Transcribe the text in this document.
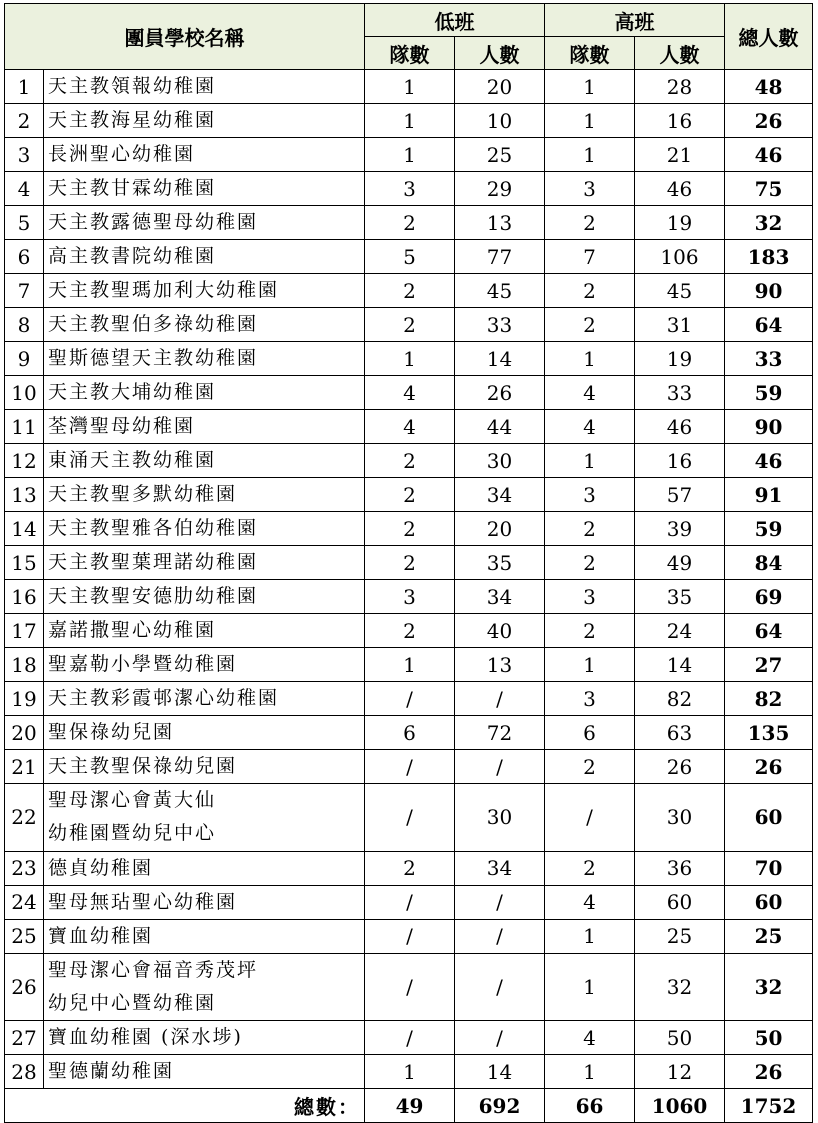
團員學校名稱		低班		高班		總人數
		隊數	人數	隊數	人數	
1	天主教領報幼稚園	1	20	1	28	48
2	天主教海星幼稚園	1	10	1	16	26
3	長洲聖心幼稚園	1	25	1	21	46
4	天主教甘霖幼稚園	3	29	3	46	75
5	天主教露德聖母幼稚園	2	13	2	19	32
6	高主教書院幼稚園	5	77	7	106	183
7	天主教聖瑪加利大幼稚園	2	45	2	45	90
8	天主教聖伯多祿幼稚園	2	33	2	31	64
9	聖斯德望天主教幼稚園	1	14	1	19	33
10	天主教大埔幼稚園	4	26	4	33	59
11	荃灣聖母幼稚園	4	44	4	46	90
12	東涌天主教幼稚園	2	30	1	16	46
13	天主教聖多默幼稚園	2	34	3	57	91
14	天主教聖雅各伯幼稚園	2	20	2	39	59
15	天主教聖葉理諾幼稚園	2	35	2	49	84
16	天主教聖安德肋幼稚園	3	34	3	35	69
17	嘉諾撒聖心幼稚園	2	40	2	24	64
18	聖嘉勒小學暨幼稚園	1	13	1	14	27
19	天主教彩霞邨潔心幼稚園	/	/	3	82	82
20	聖保祿幼兒園	6	72	6	63	135
21	天主教聖保祿幼兒園	/	/	2	26	26
22	聖母潔心會黃大仙
幼稚園暨幼兒中心	/	30	/	30	60
23	德貞幼稚園	2	34	2	36	70
24	聖母無玷聖心幼稚園	/	/	4	60	60
25	寶血幼稚園	/	/	1	25	25
26	聖母潔心會福音秀茂坪
幼兒中心暨幼稚園	/	/	1	32	32
27	寶血幼稚園 (深水埗)	/	/	4	50	50
28	聖德蘭幼稚園	1	14	1	12	26
總數：		49	692	66	1060	1752
